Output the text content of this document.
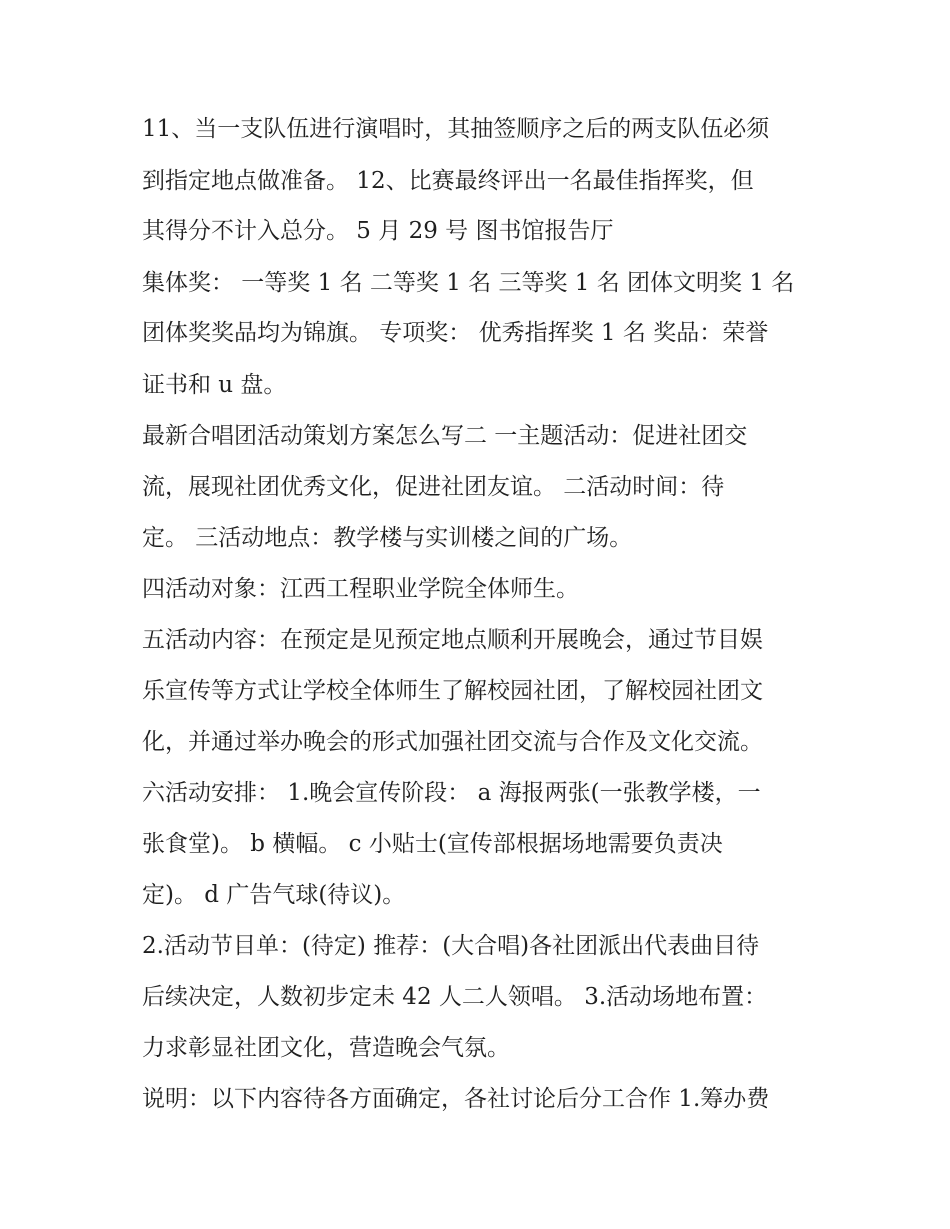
11、当一支队伍进行演唱时，其抽签顺序之后的两支队伍必须
到指定地点做准备。 12、比赛最终评出一名最佳指挥奖，但
其得分不计入总分。 5 月 29 号 图书馆报告厅
集体奖： 一等奖 1 名 二等奖 1 名 三等奖 1 名 团体文明奖 1 名
团体奖奖品均为锦旗。 专项奖： 优秀指挥奖 1 名 奖品：荣誉
证书和 u 盘。
最新合唱团活动策划方案怎么写二 一主题活动：促进社团交
流，展现社团优秀文化，促进社团友谊。 二活动时间：待
定。 三活动地点：教学楼与实训楼之间的广场。
四活动对象：江西工程职业学院全体师生。
五活动内容：在预定是见预定地点顺利开展晚会，通过节目娱
乐宣传等方式让学校全体师生了解校园社团，了解校园社团文
化，并通过举办晚会的形式加强社团交流与合作及文化交流。
六活动安排： 1.晚会宣传阶段： a 海报两张(一张教学楼，一
张食堂)。 b 横幅。 c 小贴士(宣传部根据场地需要负责决
定)。 d 广告气球(待议)。
2.活动节目单：(待定) 推荐：(大合唱)各社团派出代表曲目待
后续决定，人数初步定未 42 人二人领唱。 3.活动场地布置：
力求彰显社团文化，营造晚会气氛。
说明：以下内容待各方面确定，各社讨论后分工合作 1.筹办费
